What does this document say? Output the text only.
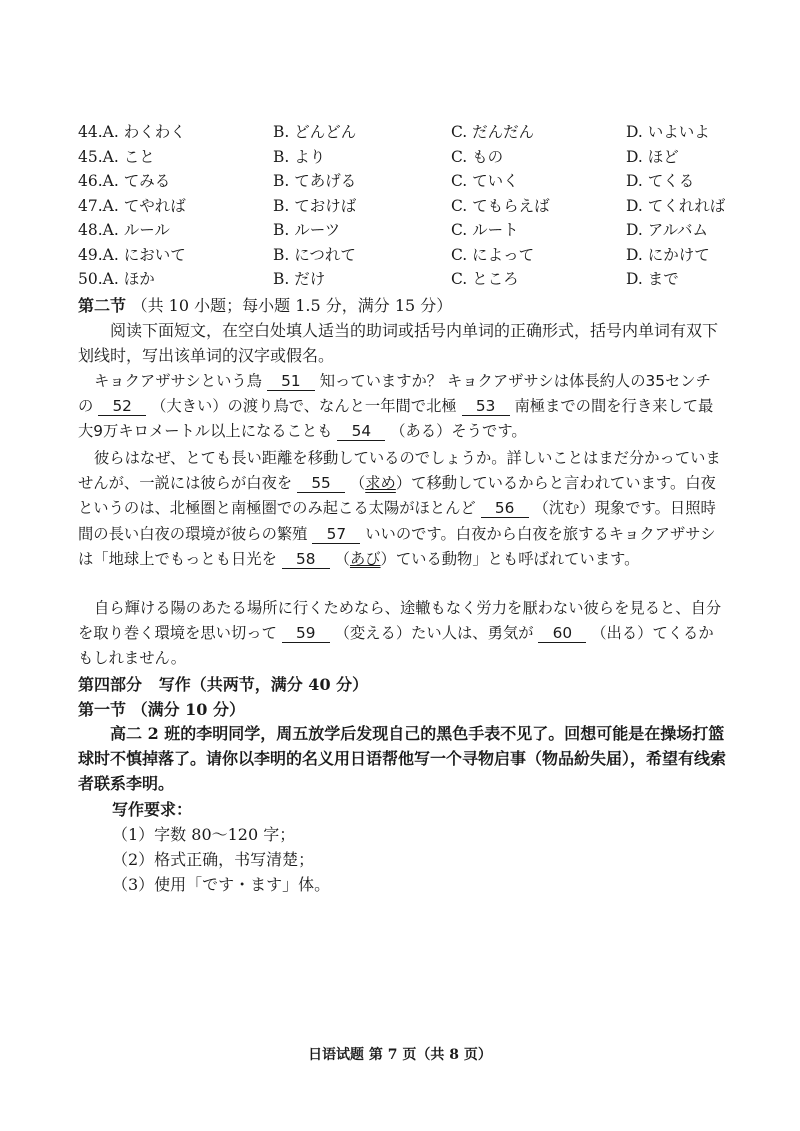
44.A. わくわく	B. どんどん	C. だんだん	D. いよいよ
45.A. こと	B. より	C. もの	D. ほど
46.A. てみる	B. てあげる	C. ていく	D. てくる
47.A. てやれば	B. ておけば	C. てもらえば	D. てくれれば
48.A. ルール	B. ルーツ	C. ルート	D. アルバム
49.A. において	B. につれて	C. によって	D. にかけて
50.A. ほか	B. だけ	C. ところ	D. まで
第二节 （共 10 小题；每小题 1.5 分，满分 15 分）

阅读下面短文，在空白处填人适当的助词或括号内单词的正确形式，括号内单词有双下划线时，写出该单词的汉字或假名。

キョクアザサシという鳥 51 知っていますか？ キョクアザサシは体長約人の35センチの 52 （大きい）の渡り鳥で、なんと一年間で北極 53 南極までの間を行き来して最大9万キロメートル以上になることも 54 （ある）そうです。

彼らはなぜ、とても長い距離を移動しているのでしょうか。詳しいことはまだ分かっていませんが、一説には彼らが白夜を 55 （求め）て移動しているからと言われています。白夜というのは、北極圏と南極圏でのみ起こる太陽がほとんど 56 （沈む）現象です。日照時間の長い白夜の環境が彼らの繁殖 57 いいのです。白夜から白夜を旅するキョクアザサシは「地球上でもっとも日光を 58 （あび）ている動物」とも呼ばれています。

自ら輝ける陽のあたる場所に行くためなら、途轍もなく労力を厭わない彼らを見ると、自分を取り巻く環境を思い切って 59 （変える）たい人は、勇気が 60 （出る）てくるかもしれません。

第四部分 写作（共两节，满分 40 分）
第一节 （满分 10 分）

高二 2 班的李明同学，周五放学后发现自己的黑色手表不见了。回想可能是在操场打篮球时不慎掉落了。请你以李明的名义用日语帮他写一个寻物启事（物品紛失届），希望有线索者联系李明。

写作要求：
（1）字数 80～120 字；
（2）格式正确，书写清楚；
（3）使用「です・ます」体。
日语试题 第 7 页（共 8 页）
